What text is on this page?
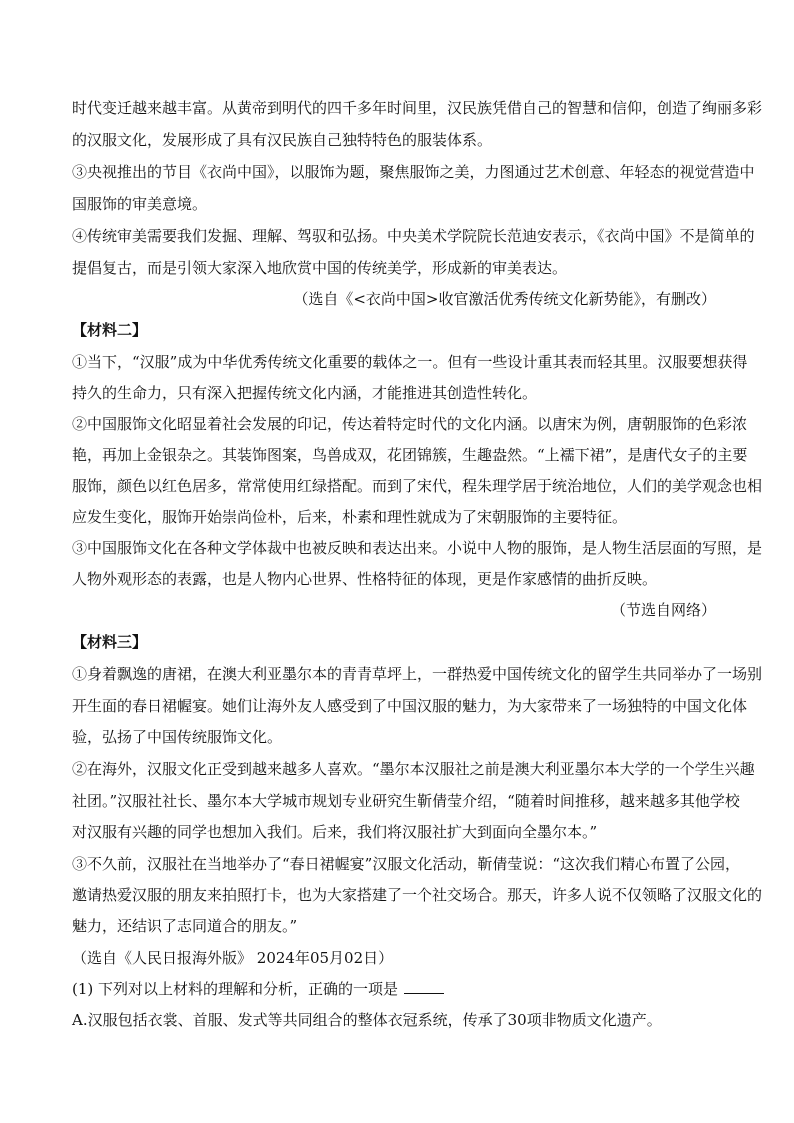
时代变迁越来越丰富。从黄帝到明代的四千多年时间里，汉民族凭借自己的智慧和信仰，创造了绚丽多彩
的汉服文化，发展形成了具有汉民族自己独特特色的服装体系。
③央视推出的节目《衣尚中国》，以服饰为题，聚焦服饰之美，力图通过艺术创意、年轻态的视觉营造中
国服饰的审美意境。
④传统审美需要我们发掘、理解、驾驭和弘扬。中央美术学院院长范迪安表示，《衣尚中国》不是简单的
提倡复古，而是引领大家深入地欣赏中国的传统美学，形成新的审美表达。
（选自《<衣尚中国>收官激活优秀传统文化新势能》，有删改）
【材料二】
①当下，“汉服”成为中华优秀传统文化重要的载体之一。但有一些设计重其表而轻其里。汉服要想获得
持久的生命力，只有深入把握传统文化内涵，才能推进其创造性转化。
②中国服饰文化昭显着社会发展的印记，传达着特定时代的文化内涵。以唐宋为例，唐朝服饰的色彩浓
艳，再加上金银杂之。其装饰图案，鸟兽成双，花团锦簇，生趣盎然。“上襦下裙”，是唐代女子的主要
服饰，颜色以红色居多，常常使用红绿搭配。而到了宋代，程朱理学居于统治地位，人们的美学观念也相
应发生变化，服饰开始崇尚俭朴，后来，朴素和理性就成为了宋朝服饰的主要特征。
③中国服饰文化在各种文学体裁中也被反映和表达出来。小说中人物的服饰，是人物生活层面的写照，是
人物外观形态的表露，也是人物内心世界、性格特征的体现，更是作家感情的曲折反映。
（节选自网络）
【材料三】
①身着飘逸的唐裙，在澳大利亚墨尔本的青青草坪上，一群热爱中国传统文化的留学生共同举办了一场别
开生面的春日裙幄宴。她们让海外友人感受到了中国汉服的魅力，为大家带来了一场独特的中国文化体
验，弘扬了中国传统服饰文化。
②在海外，汉服文化正受到越来越多人喜欢。“墨尔本汉服社之前是澳大利亚墨尔本大学的一个学生兴趣
社团。”汉服社社长、墨尔本大学城市规划专业研究生靳倩莹介绍，“随着时间推移，越来越多其他学校
对汉服有兴趣的同学也想加入我们。后来，我们将汉服社扩大到面向全墨尔本。”
③不久前，汉服社在当地举办了“春日裙幄宴”汉服文化活动，靳倩莹说：“这次我们精心布置了公园，
邀请热爱汉服的朋友来拍照打卡，也为大家搭建了一个社交场合。那天，许多人说不仅领略了汉服文化的
魅力，还结识了志同道合的朋友。”
（选自《人民日报海外版》 2024年05月02日）
(1) 下列对以上材料的理解和分析，正确的一项是
A.汉服包括衣裳、首服、发式等共同组合的整体衣冠系统，传承了30项非物质文化遗产。
